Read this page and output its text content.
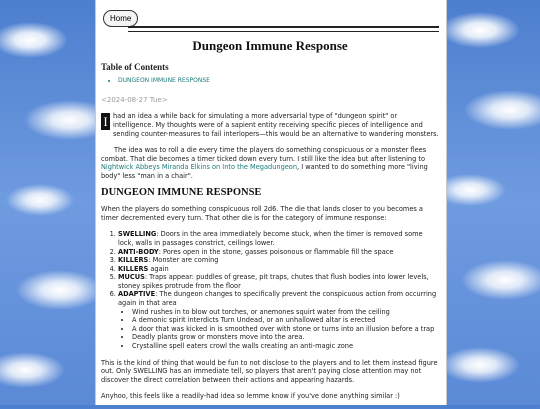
Home
Dungeon Immune Response
Table of Contents
• DUNGEON IMMUNE RESPONSE
<2024-08-27 Tue>

I had an idea a while back for simulating a more adversarial type of "dungeon spirit" or intelligence. My thoughts were of a sapient entity receiving specific pieces of intelligence and sending counter-measures to fail interlopers—this would be an alternative to wandering monsters.

The idea was to roll a die every time the players do something conspicuous or a monster flees combat. That die becomes a timer ticked down every turn. I still like the idea but after listening to Nightwick Abbeys Miranda Elkins on Into the Megadungeon, I wanted to do something more "living body" less "man in a chair".

DUNGEON IMMUNE RESPONSE

When the players do something conspicuous roll 2d6. The die that lands closer to you becomes a timer decremented every turn. That other die is for the category of immune response:

1. SWELLING: Doors in the area immediately become stuck, when the timer is removed some lock, walls in passages constrict, ceilings lower.
2. ANTI-BODY: Pores open in the stone, gasses poisonous or flammable fill the space
3. KILLERS: Monster are coming
4. KILLERS again
5. MUCUS: Traps appear: puddles of grease, pit traps, chutes that flush bodies into lower levels, stoney spikes protrude from the floor
6. ADAPTIVE: The dungeon changes to specifically prevent the conspicuous action from occurring again in that area
• Wind rushes in to blow out torches, or anemones squirt water from the ceiling
• A demonic spirit interdicts Turn Undead, or an unhallowed altar is erected
• A door that was kicked in is smoothed over with stone or turns into an illusion before a trap
• Deadly plants grow or monsters move into the area.
• Crystalline spell eaters crowl the walls creating an anti-magic zone

This is the kind of thing that would be fun to not disclose to the players and to let them instead figure out. Only SWELLING has an immediate tell, so players that aren't paying close attention may not discover the direct correlation between their actions and appearing hazards.

Anyhoo, this feels like a readily-had idea so lemme know if you've done anything similar :)
